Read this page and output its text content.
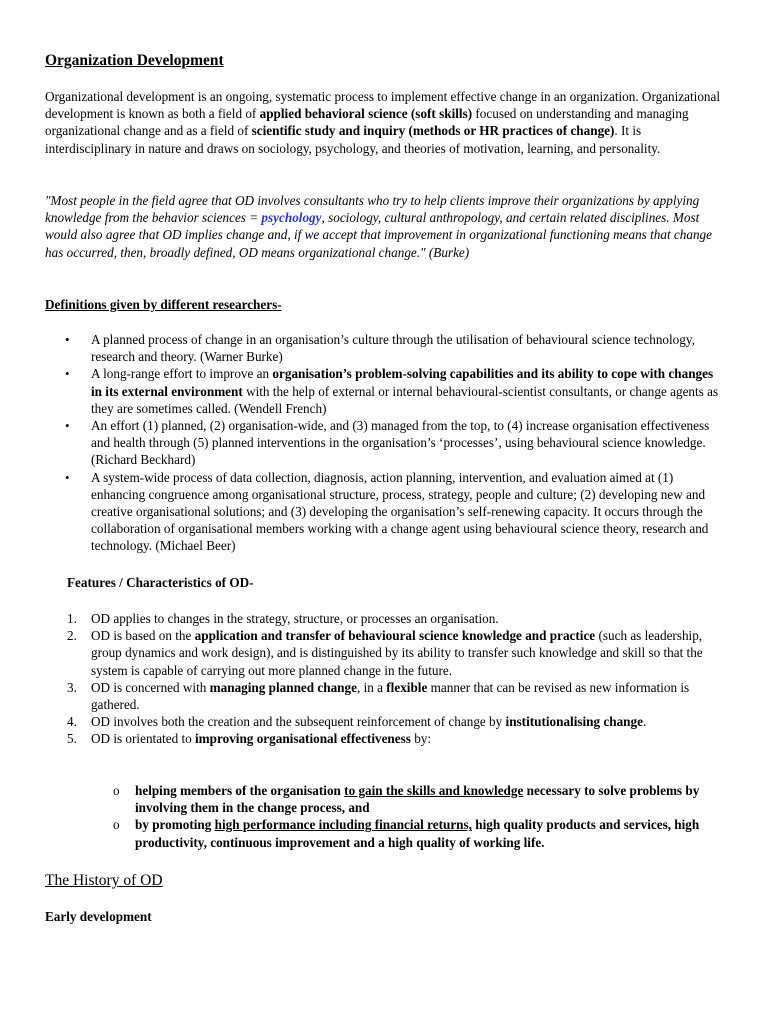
Organization Development

Organizational development is an ongoing, systematic process to implement effective change in an organization. Organizational development is known as both a field of applied behavioral science (soft skills) focused on understanding and managing organizational change and as a field of scientific study and inquiry (methods or HR practices of change). It is interdisciplinary in nature and draws on sociology, psychology, and theories of motivation, learning, and personality.

"Most people in the field agree that OD involves consultants who try to help clients improve their organizations by applying knowledge from the behavior sciences = psychology, sociology, cultural anthropology, and certain related disciplines. Most would also agree that OD implies change and, if we accept that improvement in organizational functioning means that change has occurred, then, broadly defined, OD means organizational change." (Burke)

Definitions given by different researchers-

• A planned process of change in an organisation’s culture through the utilisation of behavioural science technology, research and theory. (Warner Burke)
• A long-range effort to improve an organisation’s problem-solving capabilities and its ability to cope with changes in its external environment with the help of external or internal behavioural-scientist consultants, or change agents as they are sometimes called. (Wendell French)
• An effort (1) planned, (2) organisation-wide, and (3) managed from the top, to (4) increase organisation effectiveness and health through (5) planned interventions in the organisation’s ‘processes’, using behavioural science knowledge. (Richard Beckhard)
• A system-wide process of data collection, diagnosis, action planning, intervention, and evaluation aimed at (1) enhancing congruence among organisational structure, process, strategy, people and culture; (2) developing new and creative organisational solutions; and (3) developing the organisation’s self-renewing capacity. It occurs through the collaboration of organisational members working with a change agent using behavioural science theory, research and technology. (Michael Beer)

Features / Characteristics of OD-

1. OD applies to changes in the strategy, structure, or processes an organisation.
2. OD is based on the application and transfer of behavioural science knowledge and practice (such as leadership, group dynamics and work design), and is distinguished by its ability to transfer such knowledge and skill so that the system is capable of carrying out more planned change in the future.
3. OD is concerned with managing planned change, in a flexible manner that can be revised as new information is gathered.
4. OD involves both the creation and the subsequent reinforcement of change by institutionalising change.
5. OD is orientated to improving organisational effectiveness by:
o helping members of the organisation to gain the skills and knowledge necessary to solve problems by involving them in the change process, and
o by promoting high performance including financial returns, high quality products and services, high productivity, continuous improvement and a high quality of working life.
The History of OD

Early development
